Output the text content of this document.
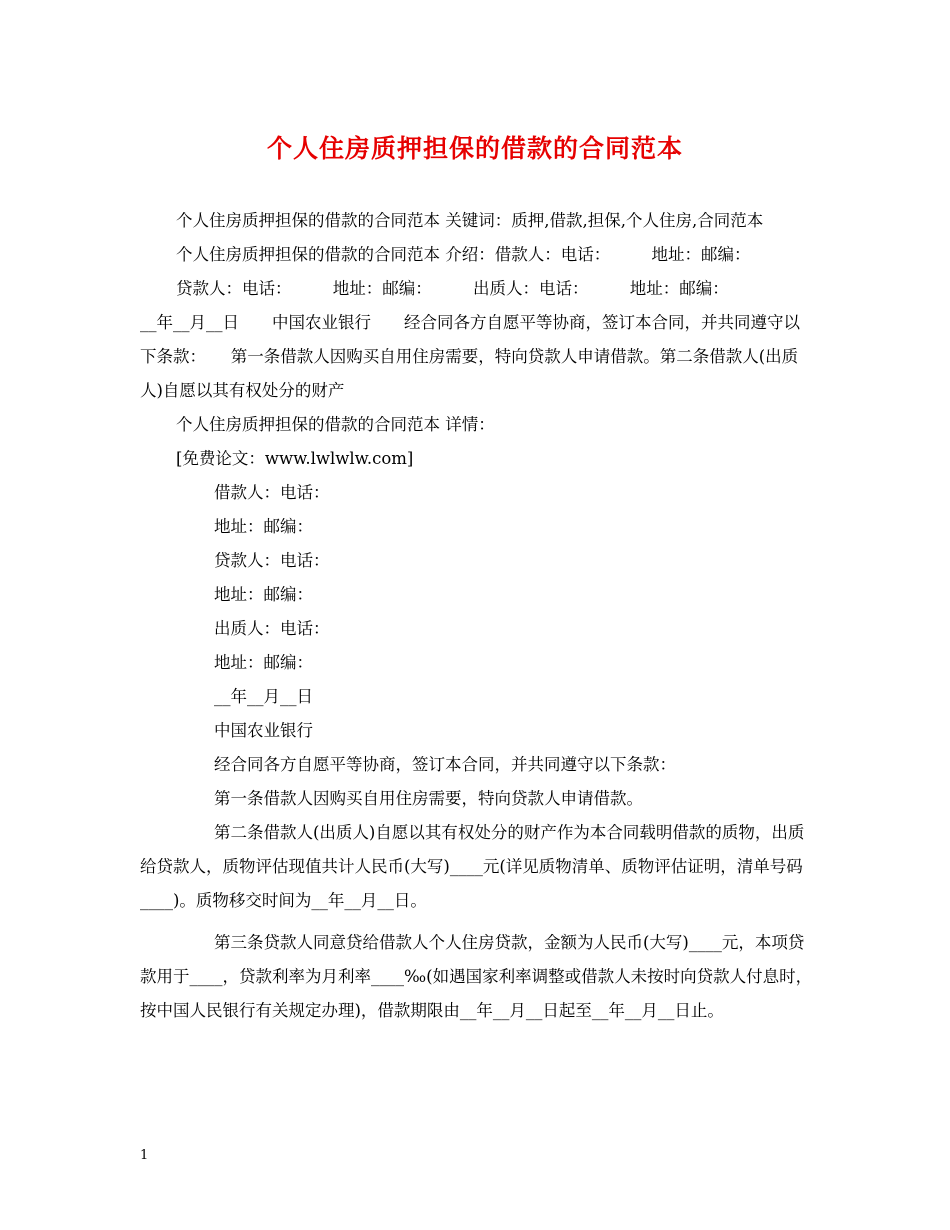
个人住房质押担保的借款的合同范本

个人住房质押担保的借款的合同范本 关键词：质押,借款,担保,个人住房,合同范本

个人住房质押担保的借款的合同范本 介绍：借款人：电话：　　　地址：邮编：

贷款人：电话：　　　地址：邮编：　　　出质人：电话：　　　地址：邮编：

__年__月__日　　中国农业银行　　经合同各方自愿平等协商，签订本合同，并共同遵守以下条款：　　第一条借款人因购买自用住房需要，特向贷款人申请借款。第二条借款人(出质人)自愿以其有权处分的财产

个人住房质押担保的借款的合同范本 详情：

[免费论文：www.lwlwlw.com]

借款人：电话：

地址：邮编：

贷款人：电话：

地址：邮编：

出质人：电话：

地址：邮编：

__年__月__日

中国农业银行

经合同各方自愿平等协商，签订本合同，并共同遵守以下条款：

第一条借款人因购买自用住房需要，特向贷款人申请借款。

第二条借款人(出质人)自愿以其有权处分的财产作为本合同载明借款的质物，出质给贷款人，质物评估现值共计人民币(大写)____元(详见质物清单、质物评估证明，清单号码____)。质物移交时间为__年__月__日。

第三条贷款人同意贷给借款人个人住房贷款，金额为人民币(大写)____元，本项贷款用于____，贷款利率为月利率____‰(如遇国家利率调整或借款人未按时向贷款人付息时，按中国人民银行有关规定办理)，借款期限由__年__月__日起至__年__月__日止。

1
